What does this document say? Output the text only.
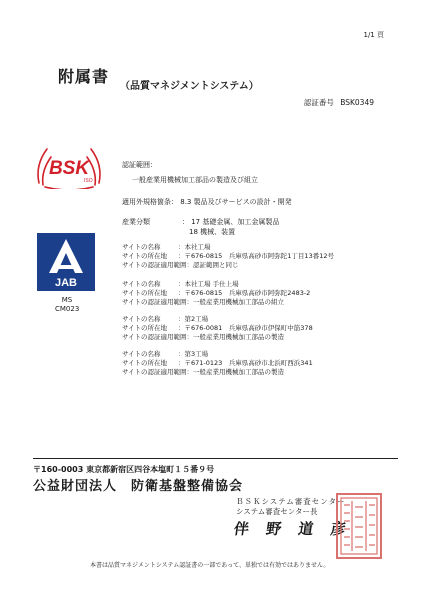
1/1 頁
附属書
（品質マネジメントシステム）
認証番号 BSK0349
BSK
ISO
JAB
MS
CM023
認証範囲：
一般産業用機械加工部品の製造及び組立
適用外規格箇条： 8.3 製品及びサービスの設計・開発
産業分類	： 17 基礎金属、加工金属製品
18 機械、装置
サイトの名称	：本社工場
サイトの所在地 ：〒676-0815　兵庫県高砂市阿弥陀1丁目13番12号
サイトの認証適用範囲：認証範囲と同じ
サイトの名称	：本社工場 手仕上場
サイトの所在地 ：〒676-0815　兵庫県高砂市阿弥陀2483-2
サイトの認証適用範囲：一般産業用機械加工部品の組立
サイトの名称	：第2工場
サイトの所在地 ：〒676-0081　兵庫県高砂市伊保町中筋378
サイトの認証適用範囲：一般産業用機械加工部品の製造
サイトの名称	：第3工場
サイトの所在地 ：〒671-0123　兵庫県高砂市北浜町西浜341
サイトの認証適用範囲：一般産業用機械加工部品の製造
〒160-0003 東京都新宿区四谷本塩町１５番９号
公益財団法人　防衛基盤整備協会
ＢＳＫシステム審査センター
システム審査センター長
伴 野 道 彦
本書は品質マネジメントシステム認証書の一部であって、単独では有効ではありません。
